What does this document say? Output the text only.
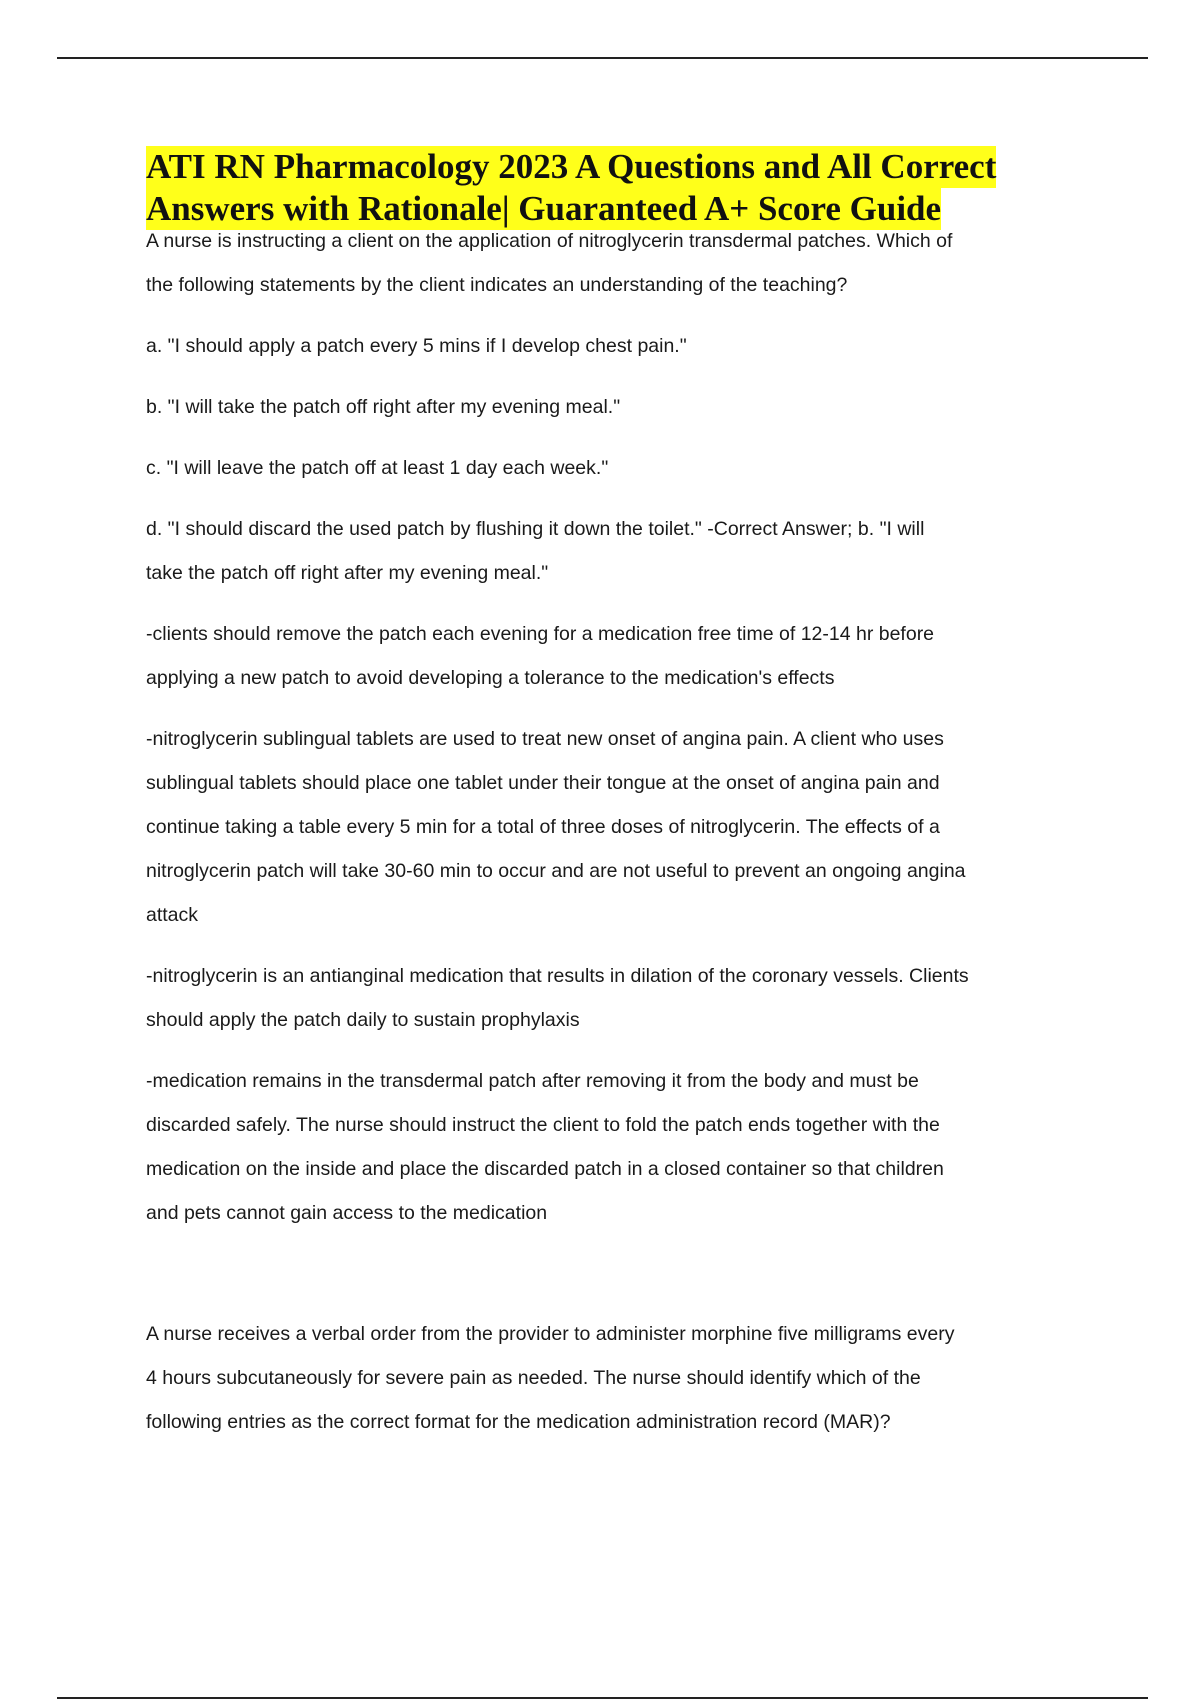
ATI RN Pharmacology 2023 A Questions and All Correct
Answers with Rationale| Guaranteed A+ Score Guide
A nurse is instructing a client on the application of nitroglycerin transdermal patches. Which of
the following statements by the client indicates an understanding of the teaching?
a. "I should apply a patch every 5 mins if I develop chest pain."
b. "I will take the patch off right after my evening meal."
c. "I will leave the patch off at least 1 day each week."
d. "I should discard the used patch by flushing it down the toilet." -Correct Answer; b. "I will
take the patch off right after my evening meal."
-clients should remove the patch each evening for a medication free time of 12-14 hr before
applying a new patch to avoid developing a tolerance to the medication's effects
-nitroglycerin sublingual tablets are used to treat new onset of angina pain. A client who uses
sublingual tablets should place one tablet under their tongue at the onset of angina pain and
continue taking a table every 5 min for a total of three doses of nitroglycerin. The effects of a
nitroglycerin patch will take 30-60 min to occur and are not useful to prevent an ongoing angina
attack
-nitroglycerin is an antianginal medication that results in dilation of the coronary vessels. Clients
should apply the patch daily to sustain prophylaxis
-medication remains in the transdermal patch after removing it from the body and must be
discarded safely. The nurse should instruct the client to fold the patch ends together with the
medication on the inside and place the discarded patch in a closed container so that children
and pets cannot gain access to the medication
A nurse receives a verbal order from the provider to administer morphine five milligrams every
4 hours subcutaneously for severe pain as needed. The nurse should identify which of the
following entries as the correct format for the medication administration record (MAR)?
